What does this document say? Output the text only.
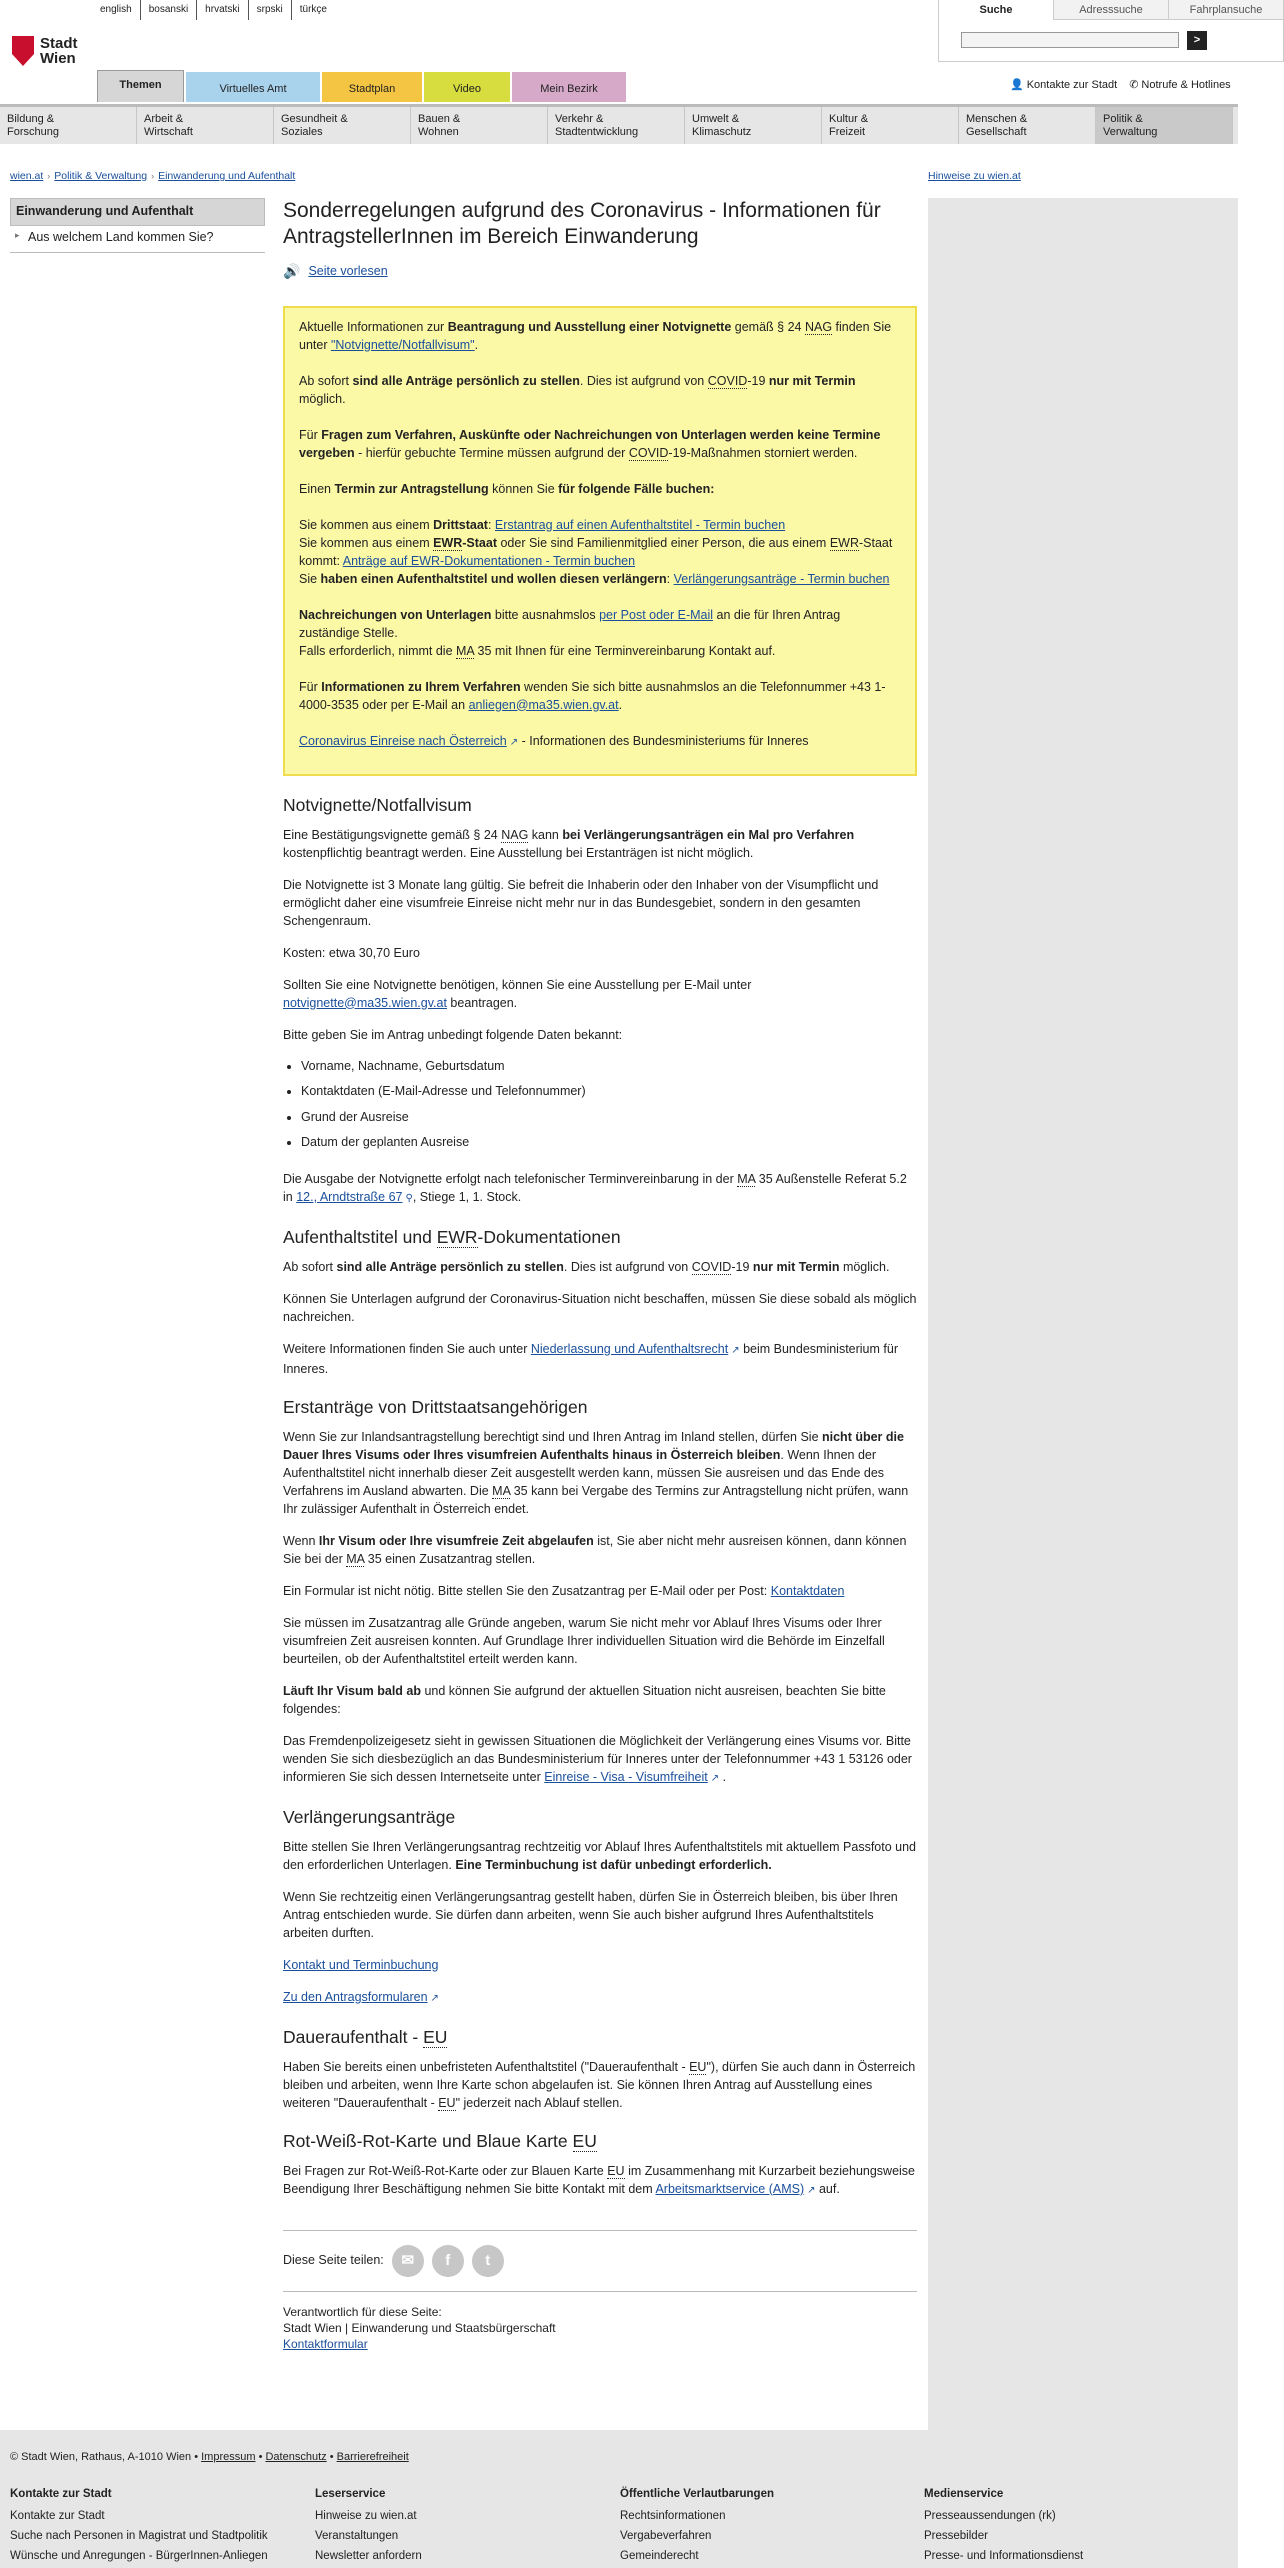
english	bosanski	hrvatski	srpski	türkçe
Stadt
Wien
Suche	Adresssuche	Fahrplansuche
>
Themen	Virtuelles Amt	Stadtplan	Video	Mein Bezirk	👤 Kontakte zur Stadt ✆ Notrufe & Hotlines
Bildung &
Forschung
Arbeit &
Wirtschaft
Gesundheit &
Soziales
Bauen &
Wohnen
Verkehr &
Stadtentwicklung
Umwelt &
Klimaschutz
Kultur &
Freizeit
Menschen &
Gesellschaft
Politik &
Verwaltung
wien.at › Politik & Verwaltung › Einwanderung und Aufenthalt	Hinweise zu wien.at
Einwanderung und Aufenthalt
▸ Aus welchem Land kommen Sie?
Sonderregelungen aufgrund des Coronavirus - Informationen für AntragstellerInnen im Bereich Einwanderung
🔊 Seite vorlesen

Aktuelle Informationen zur Beantragung und Ausstellung einer Notvignette gemäß § 24 NAG finden Sie unter "Notvignette/Notfallvisum".

Ab sofort sind alle Anträge persönlich zu stellen. Dies ist aufgrund von COVID-19 nur mit Termin möglich.

Für Fragen zum Verfahren, Auskünfte oder Nachreichungen von Unterlagen werden keine Termine vergeben - hierfür gebuchte Termine müssen aufgrund der COVID-19-Maßnahmen storniert werden.

Einen Termin zur Antragstellung können Sie für folgende Fälle buchen:

Sie kommen aus einem Drittstaat: Erstantrag auf einen Aufenthaltstitel - Termin buchen
Sie kommen aus einem EWR-Staat oder Sie sind Familienmitglied einer Person, die aus einem EWR-Staat kommt: Anträge auf EWR-Dokumentationen - Termin buchen
Sie haben einen Aufenthaltstitel und wollen diesen verlängern: Verlängerungsanträge - Termin buchen

Nachreichungen von Unterlagen bitte ausnahmslos per Post oder E-Mail an die für Ihren Antrag zuständige Stelle.
Falls erforderlich, nimmt die MA 35 mit Ihnen für eine Terminvereinbarung Kontakt auf.

Für Informationen zu Ihrem Verfahren wenden Sie sich bitte ausnahmslos an die Telefonnummer +43 1-4000-3535 oder per E-Mail an anliegen@ma35.wien.gv.at.

Coronavirus Einreise nach Österreich ↗ - Informationen des Bundesministeriums für Inneres

Notvignette/Notfallvisum

Eine Bestätigungsvignette gemäß § 24 NAG kann bei Verlängerungsanträgen ein Mal pro Verfahren kostenpflichtig beantragt werden. Eine Ausstellung bei Erstanträgen ist nicht möglich.

Die Notvignette ist 3 Monate lang gültig. Sie befreit die Inhaberin oder den Inhaber von der Visumpflicht und ermöglicht daher eine visumfreie Einreise nicht mehr nur in das Bundesgebiet, sondern in den gesamten Schengenraum.

Kosten: etwa 30,70 Euro

Sollten Sie eine Notvignette benötigen, können Sie eine Ausstellung per E-Mail unter notvignette@ma35.wien.gv.at beantragen.

Bitte geben Sie im Antrag unbedingt folgende Daten bekannt:

• Vorname, Nachname, Geburtsdatum
• Kontaktdaten (E-Mail-Adresse und Telefonnummer)
• Grund der Ausreise
• Datum der geplanten Ausreise

Die Ausgabe der Notvignette erfolgt nach telefonischer Terminvereinbarung in der MA 35 Außenstelle Referat 5.2 in 12., Arndtstraße 67 ⚲, Stiege 1, 1. Stock.

Aufenthaltstitel und EWR-Dokumentationen

Ab sofort sind alle Anträge persönlich zu stellen. Dies ist aufgrund von COVID-19 nur mit Termin möglich.

Können Sie Unterlagen aufgrund der Coronavirus-Situation nicht beschaffen, müssen Sie diese sobald als möglich nachreichen.

Weitere Informationen finden Sie auch unter Niederlassung und Aufenthaltsrecht ↗ beim Bundesministerium für Inneres.

Erstanträge von Drittstaatsangehörigen

Wenn Sie zur Inlandsantragstellung berechtigt sind und Ihren Antrag im Inland stellen, dürfen Sie nicht über die Dauer Ihres Visums oder Ihres visumfreien Aufenthalts hinaus in Österreich bleiben. Wenn Ihnen der Aufenthaltstitel nicht innerhalb dieser Zeit ausgestellt werden kann, müssen Sie ausreisen und das Ende des Verfahrens im Ausland abwarten. Die MA 35 kann bei Vergabe des Termins zur Antragstellung nicht prüfen, wann Ihr zulässiger Aufenthalt in Österreich endet.

Wenn Ihr Visum oder Ihre visumfreie Zeit abgelaufen ist, Sie aber nicht mehr ausreisen können, dann können Sie bei der MA 35 einen Zusatzantrag stellen.

Ein Formular ist nicht nötig. Bitte stellen Sie den Zusatzantrag per E-Mail oder per Post: Kontaktdaten

Sie müssen im Zusatzantrag alle Gründe angeben, warum Sie nicht mehr vor Ablauf Ihres Visums oder Ihrer visumfreien Zeit ausreisen konnten. Auf Grundlage Ihrer individuellen Situation wird die Behörde im Einzelfall beurteilen, ob der Aufenthaltstitel erteilt werden kann.

Läuft Ihr Visum bald ab und können Sie aufgrund der aktuellen Situation nicht ausreisen, beachten Sie bitte folgendes:

Das Fremdenpolizeigesetz sieht in gewissen Situationen die Möglichkeit der Verlängerung eines Visums vor. Bitte wenden Sie sich diesbezüglich an das Bundesministerium für Inneres unter der Telefonnummer +43 1 53126 oder informieren Sie sich dessen Internetseite unter Einreise - Visa - Visumfreiheit ↗ .

Verlängerungsanträge

Bitte stellen Sie Ihren Verlängerungsantrag rechtzeitig vor Ablauf Ihres Aufenthaltstitels mit aktuellem Passfoto und den erforderlichen Unterlagen. Eine Terminbuchung ist dafür unbedingt erforderlich.

Wenn Sie rechtzeitig einen Verlängerungsantrag gestellt haben, dürfen Sie in Österreich bleiben, bis über Ihren Antrag entschieden wurde. Sie dürfen dann arbeiten, wenn Sie auch bisher aufgrund Ihres Aufenthaltstitels arbeiten durften.

Kontakt und Terminbuchung

Zu den Antragsformularen ↗

Daueraufenthalt - EU

Haben Sie bereits einen unbefristeten Aufenthaltstitel ("Daueraufenthalt - EU"), dürfen Sie auch dann in Österreich bleiben und arbeiten, wenn Ihre Karte schon abgelaufen ist. Sie können Ihren Antrag auf Ausstellung eines weiteren "Daueraufenthalt - EU" jederzeit nach Ablauf stellen.

Rot-Weiß-Rot-Karte und Blaue Karte EU

Bei Fragen zur Rot-Weiß-Rot-Karte oder zur Blauen Karte EU im Zusammenhang mit Kurzarbeit beziehungsweise Beendigung Ihrer Beschäftigung nehmen Sie bitte Kontakt mit dem Arbeitsmarktservice (AMS) ↗ auf.

Diese Seite teilen:	✉	f	t
Verantwortlich für diese Seite:
Stadt Wien | Einwanderung und Staatsbürgerschaft
Kontaktformular
© Stadt Wien, Rathaus, A-1010 Wien • Impressum • Datenschutz • Barrierefreiheit
Kontakte zur Stadt
Kontakte zur Stadt
Suche nach Personen in Magistrat und Stadtpolitik
Wünsche und Anregungen - BürgerInnen-Anliegen
Leserservice
Hinweise zu wien.at
Veranstaltungen
Newsletter anfordern
Öffentliche Verlautbarungen
Rechtsinformationen
Vergabeverfahren
Gemeinderecht
Medienservice
Presseaussendungen (rk)
Pressebilder
Presse- und Informationsdienst
